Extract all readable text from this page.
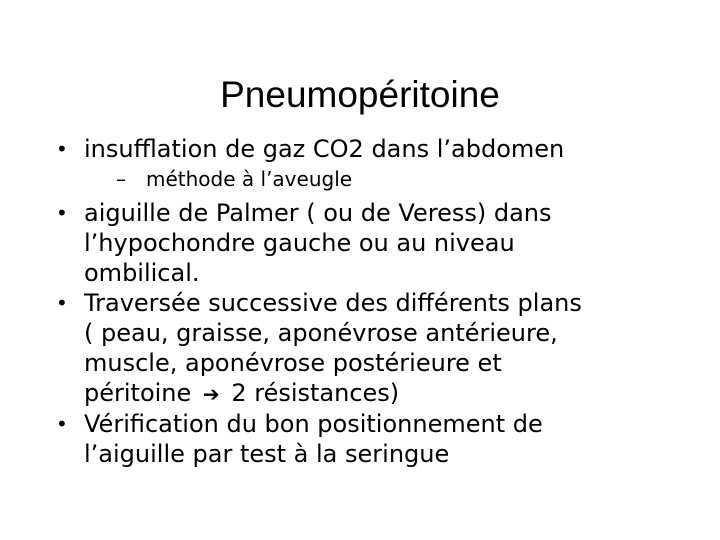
Pneumopéritoine
• insufflation de gaz CO2 dans l’abdomen
– méthode à l’aveugle
• aiguille de Palmer ( ou de Veress) dans
l’hypochondre gauche ou au niveau
ombilical.
• Traversée successive des différents plans
( peau, graisse, aponévrose antérieure,
muscle, aponévrose postérieure et
péritoine ➔ 2 résistances)
• Vérification du bon positionnement de
l’aiguille par test à la seringue
